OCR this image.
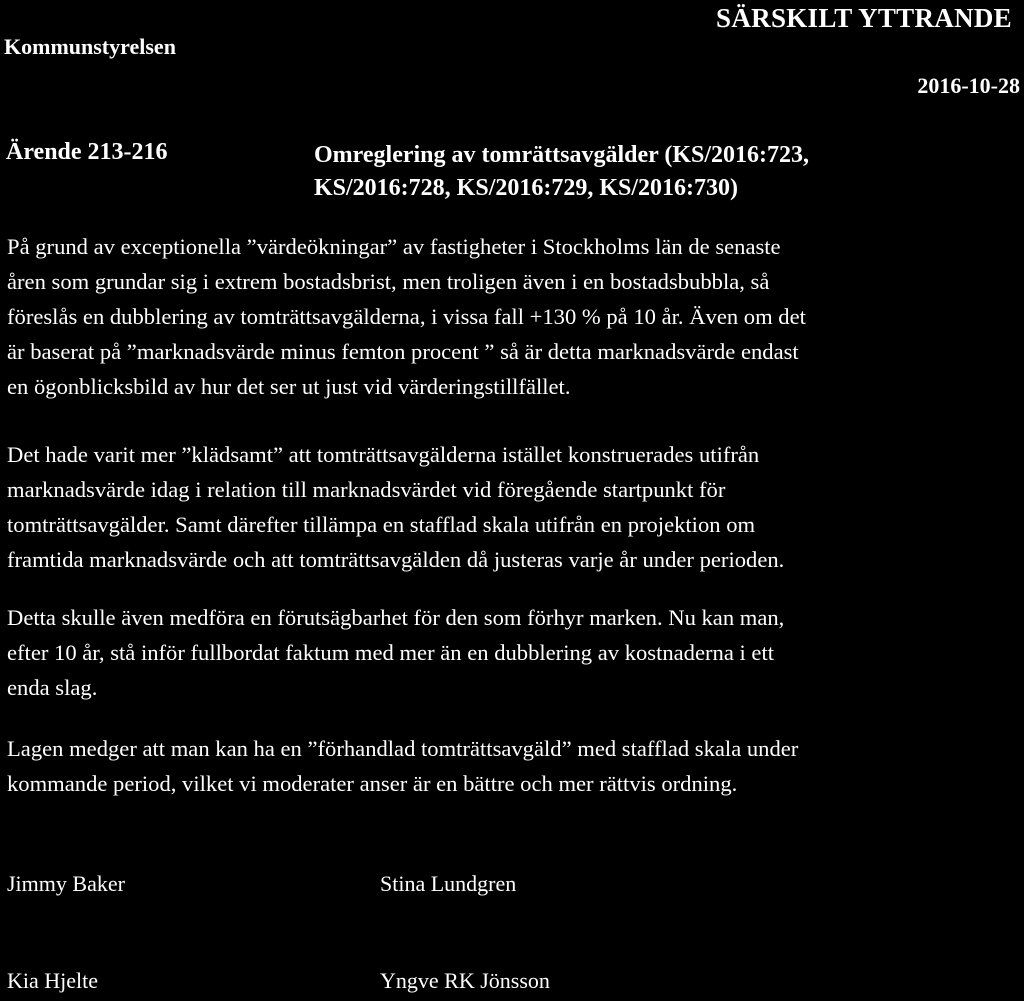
SÄRSKILT YTTRANDE
Kommunstyrelsen
2016-10-28
Ärende 213-216	Omreglering av tomrättsavgälder (KS/2016:723,
KS/2016:728, KS/2016:729, KS/2016:730)
På grund av exceptionella ”värdeökningar” av fastigheter i Stockholms län de senaste
åren som grundar sig i extrem bostadsbrist, men troligen även i en bostadsbubbla, så
föreslås en dubblering av tomträttsavgälderna, i vissa fall +130 % på 10 år. Även om det
är baserat på ”marknadsvärde minus femton procent ” så är detta marknadsvärde endast
en ögonblicksbild av hur det ser ut just vid värderingstillfället.
Det hade varit mer ”klädsamt” att tomträttsavgälderna istället konstruerades utifrån
marknadsvärde idag i relation till marknadsvärdet vid föregående startpunkt för
tomträttsavgälder. Samt därefter tillämpa en stafflad skala utifrån en projektion om
framtida marknadsvärde och att tomträttsavgälden då justeras varje år under perioden.
Detta skulle även medföra en förutsägbarhet för den som förhyr marken. Nu kan man,
efter 10 år, stå inför fullbordat faktum med mer än en dubblering av kostnaderna i ett
enda slag.
Lagen medger att man kan ha en ”förhandlad tomträttsavgäld” med stafflad skala under
kommande period, vilket vi moderater anser är en bättre och mer rättvis ordning.
Jimmy Baker	Stina Lundgren
Kia Hjelte	Yngve RK Jönsson
